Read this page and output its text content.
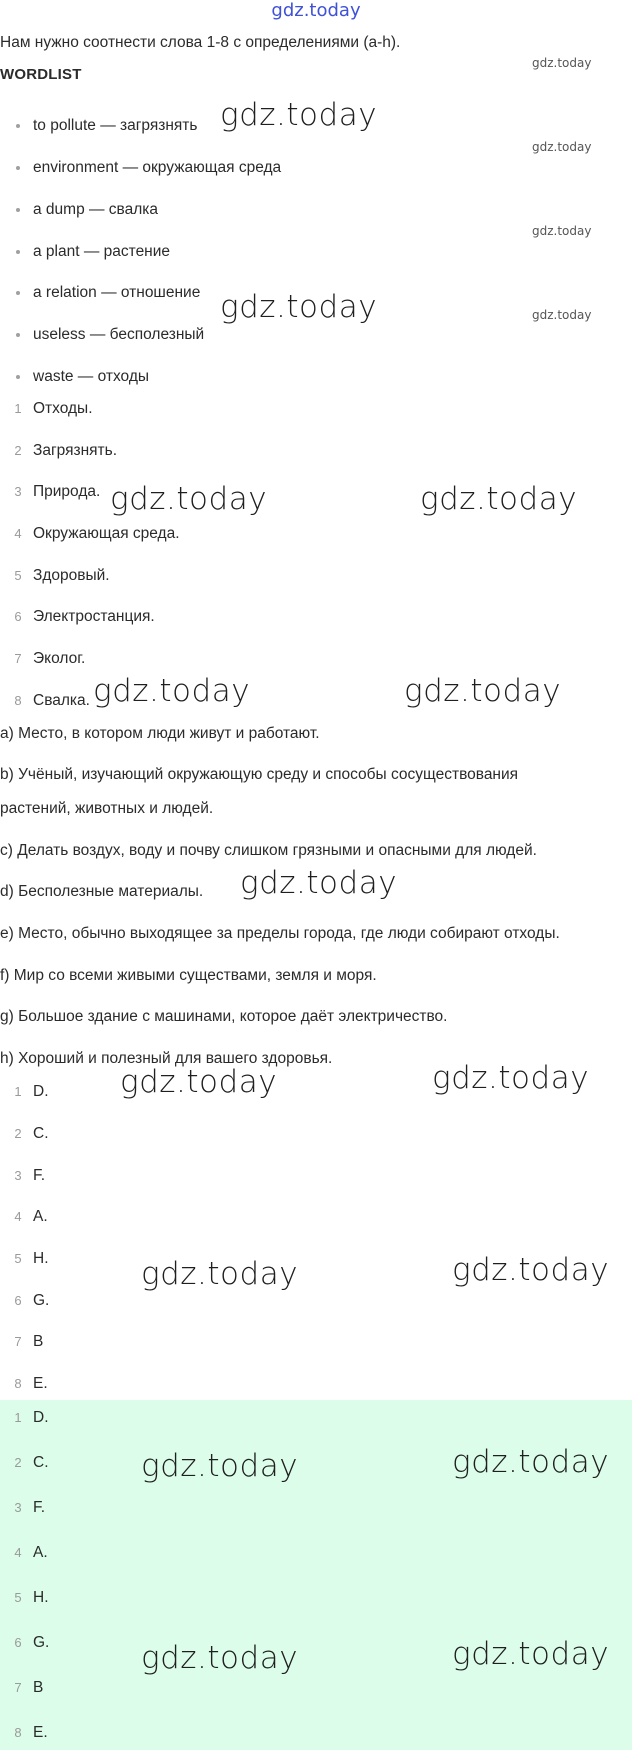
gdz.today
Нам нужно соотнести слова 1-8 с определениями (a-h).
WORDLIST
to pollute — загрязнять
environment — окружающая среда
a dump — свалка
a plant — растение
a relation — отношение
useless — бесполезный
waste — отходы
1 Отходы.
2 Загрязнять.
3 Природа.
4 Окружающая среда.
5 Здоровый.
6 Электростанция.
7 Эколог.
8 Свалка.
a) Место, в котором люди живут и работают.
b) Учёный, изучающий окружающую среду и способы сосуществования
растений, животных и людей.
c) Делать воздух, воду и почву слишком грязными и опасными для людей.
d) Бесполезные материалы.
e) Место, обычно выходящее за пределы города, где люди собирают отходы.
f) Мир со всеми живыми существами, земля и моря.
g) Большое здание с машинами, которое даёт электричество.
h) Хороший и полезный для вашего здоровья.
1 D.
2 C.
3 F.
4 A.
5 H.
6 G.
7 B
8 E.
1 D.
2 C.
3 F.
4 A.
5 H.
6 G.
7 B
8 E.
gdz.today
gdz.today
gdz.today
gdz.today
gdz.today
gdz.today
gdz.today	gdz.today
gdz.today	gdz.today
gdz.today
gdz.today	gdz.today
gdz.today	gdz.today
gdz.today	gdz.today
gdz.today	gdz.today
